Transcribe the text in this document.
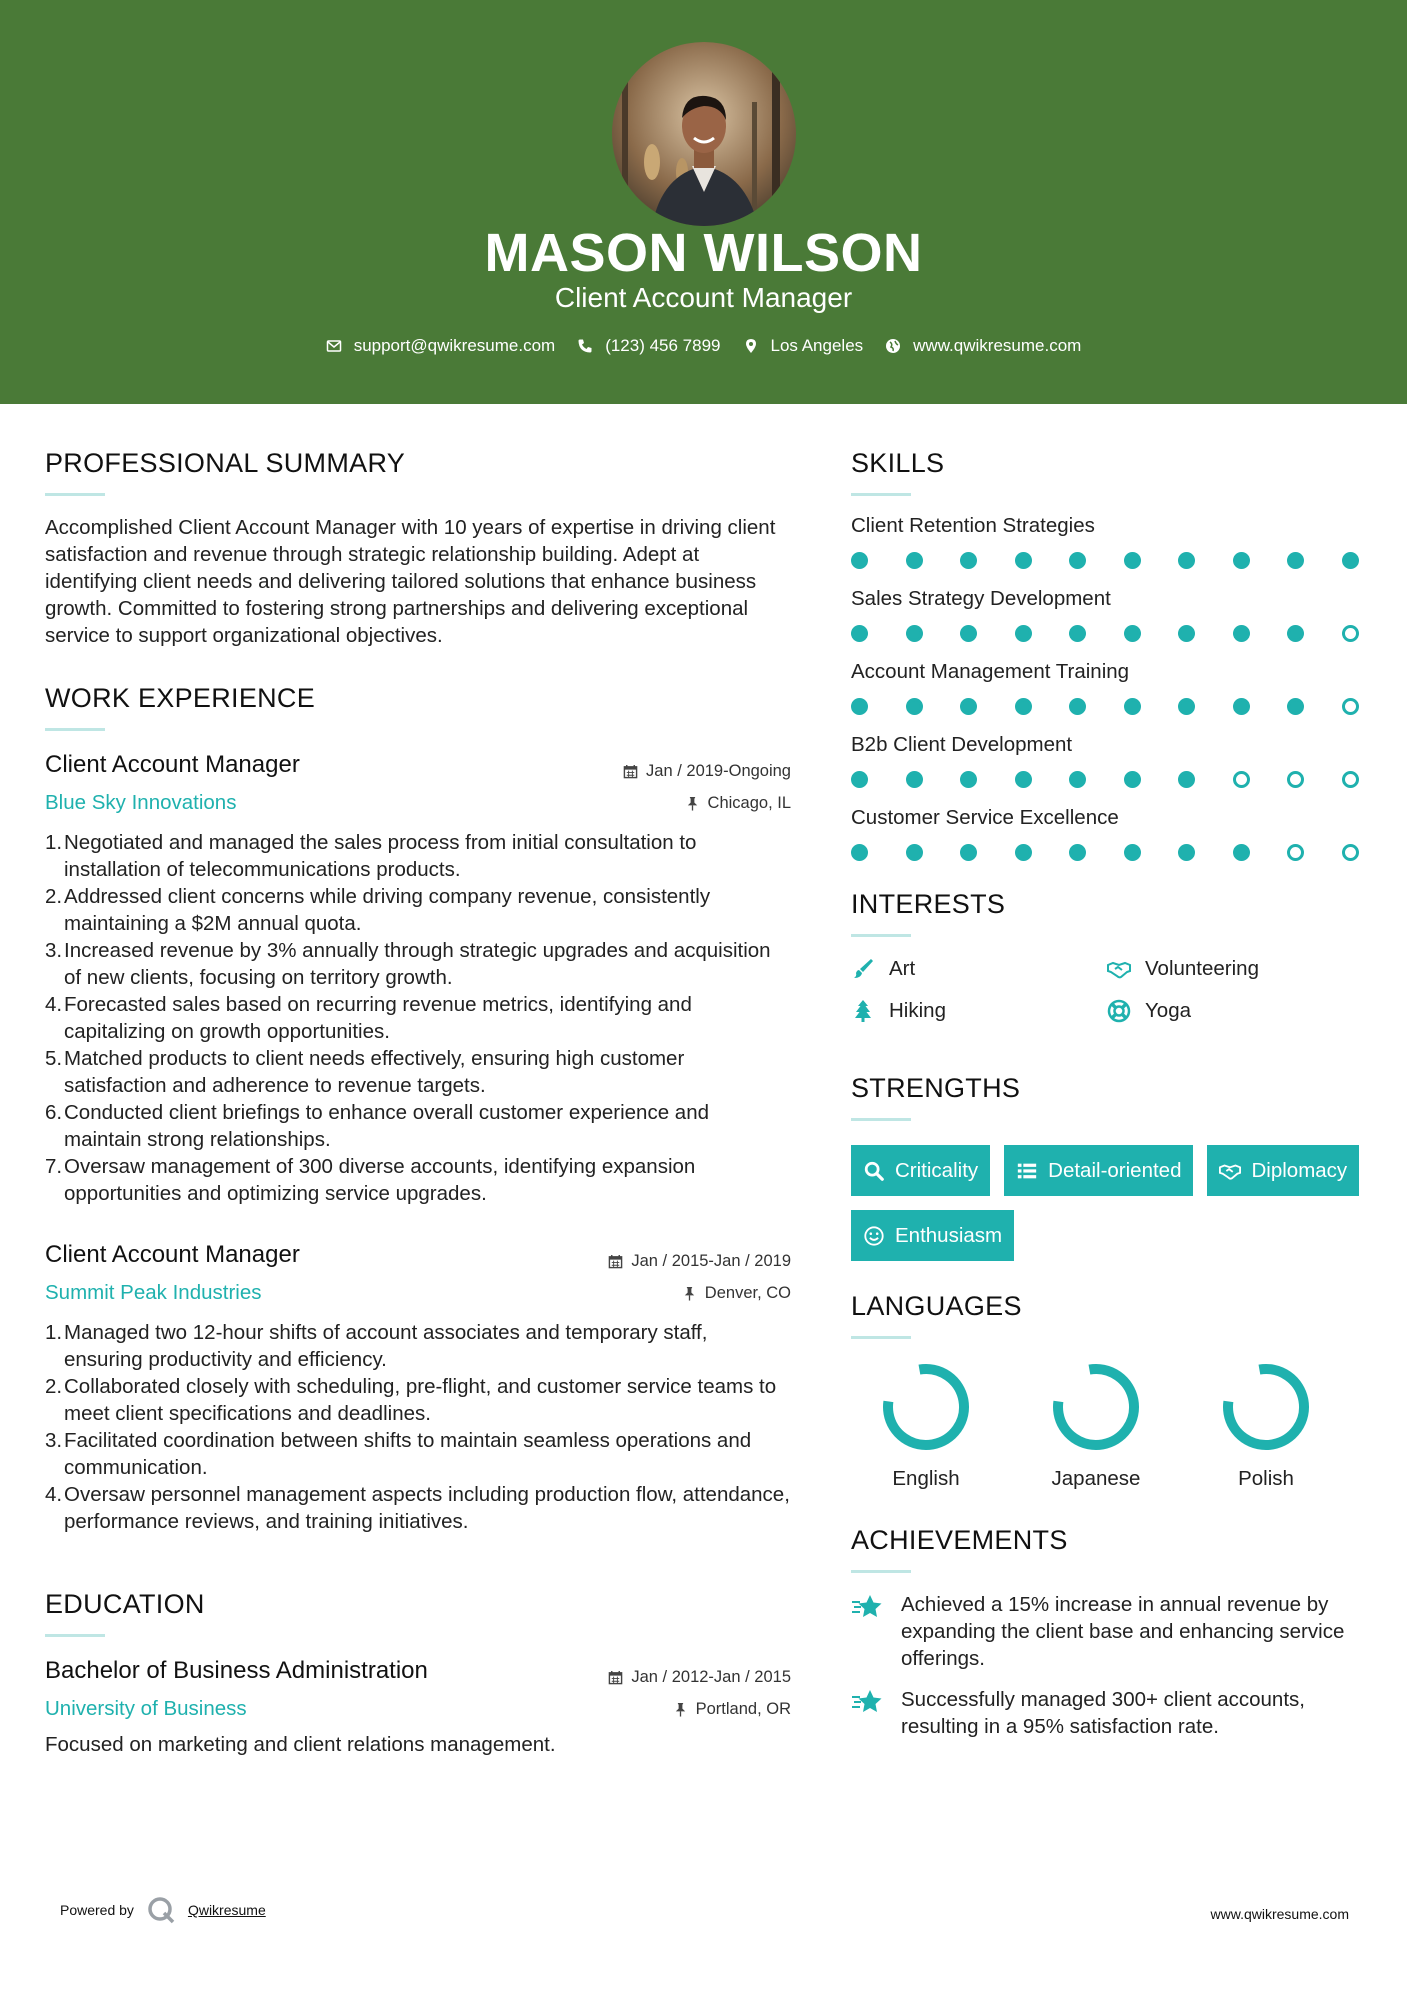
MASON WILSON
Client Account Manager
support@qwikresume.com	(123) 456 7899	Los Angeles	www.qwikresume.com
PROFESSIONAL SUMMARY

Accomplished Client Account Manager with 10 years of expertise in driving client satisfaction and revenue through strategic relationship building. Adept at identifying client needs and delivering tailored solutions that enhance business growth. Committed to fostering strong partnerships and delivering exceptional service to support organizational objectives.

WORK EXPERIENCE
Client Account Manager
Blue Sky Innovations
Jan / 2019-Ongoing
Chicago, IL
1. Negotiated and managed the sales process from initial consultation to installation of telecommunications products.
2. Addressed client concerns while driving company revenue, consistently maintaining a $2M annual quota.
3. Increased revenue by 3% annually through strategic upgrades and acquisition of new clients, focusing on territory growth.
4. Forecasted sales based on recurring revenue metrics, identifying and capitalizing on growth opportunities.
5. Matched products to client needs effectively, ensuring high customer satisfaction and adherence to revenue targets.
6. Conducted client briefings to enhance overall customer experience and maintain strong relationships.
7. Oversaw management of 300 diverse accounts, identifying expansion opportunities and optimizing service upgrades.
Client Account Manager
Summit Peak Industries
Jan / 2015-Jan / 2019
Denver, CO
1. Managed two 12-hour shifts of account associates and temporary staff, ensuring productivity and efficiency.
2. Collaborated closely with scheduling, pre-flight, and customer service teams to meet client specifications and deadlines.
3. Facilitated coordination between shifts to maintain seamless operations and communication.
4. Oversaw personnel management aspects including production flow, attendance, performance reviews, and training initiatives.
EDUCATION
Bachelor of Business Administration
University of Business
Jan / 2012-Jan / 2015
Portland, OR

Focused on marketing and client relations management.

SKILLS
Client Retention Strategies
Sales Strategy Development
Account Management Training
B2b Client Development
Customer Service Excellence
INTERESTS
Art	Volunteering
Hiking	Yoga
STRENGTHS
Criticality	Detail-oriented	Diplomacy
Enthusiasm
LANGUAGES
English	Japanese	Polish
ACHIEVEMENTS
Achieved a 15% increase in annual revenue by expanding the client base and enhancing service offerings.
Successfully managed 300+ client accounts, resulting in a 95% satisfaction rate.
Powered by	Qwikresume	www.qwikresume.com
